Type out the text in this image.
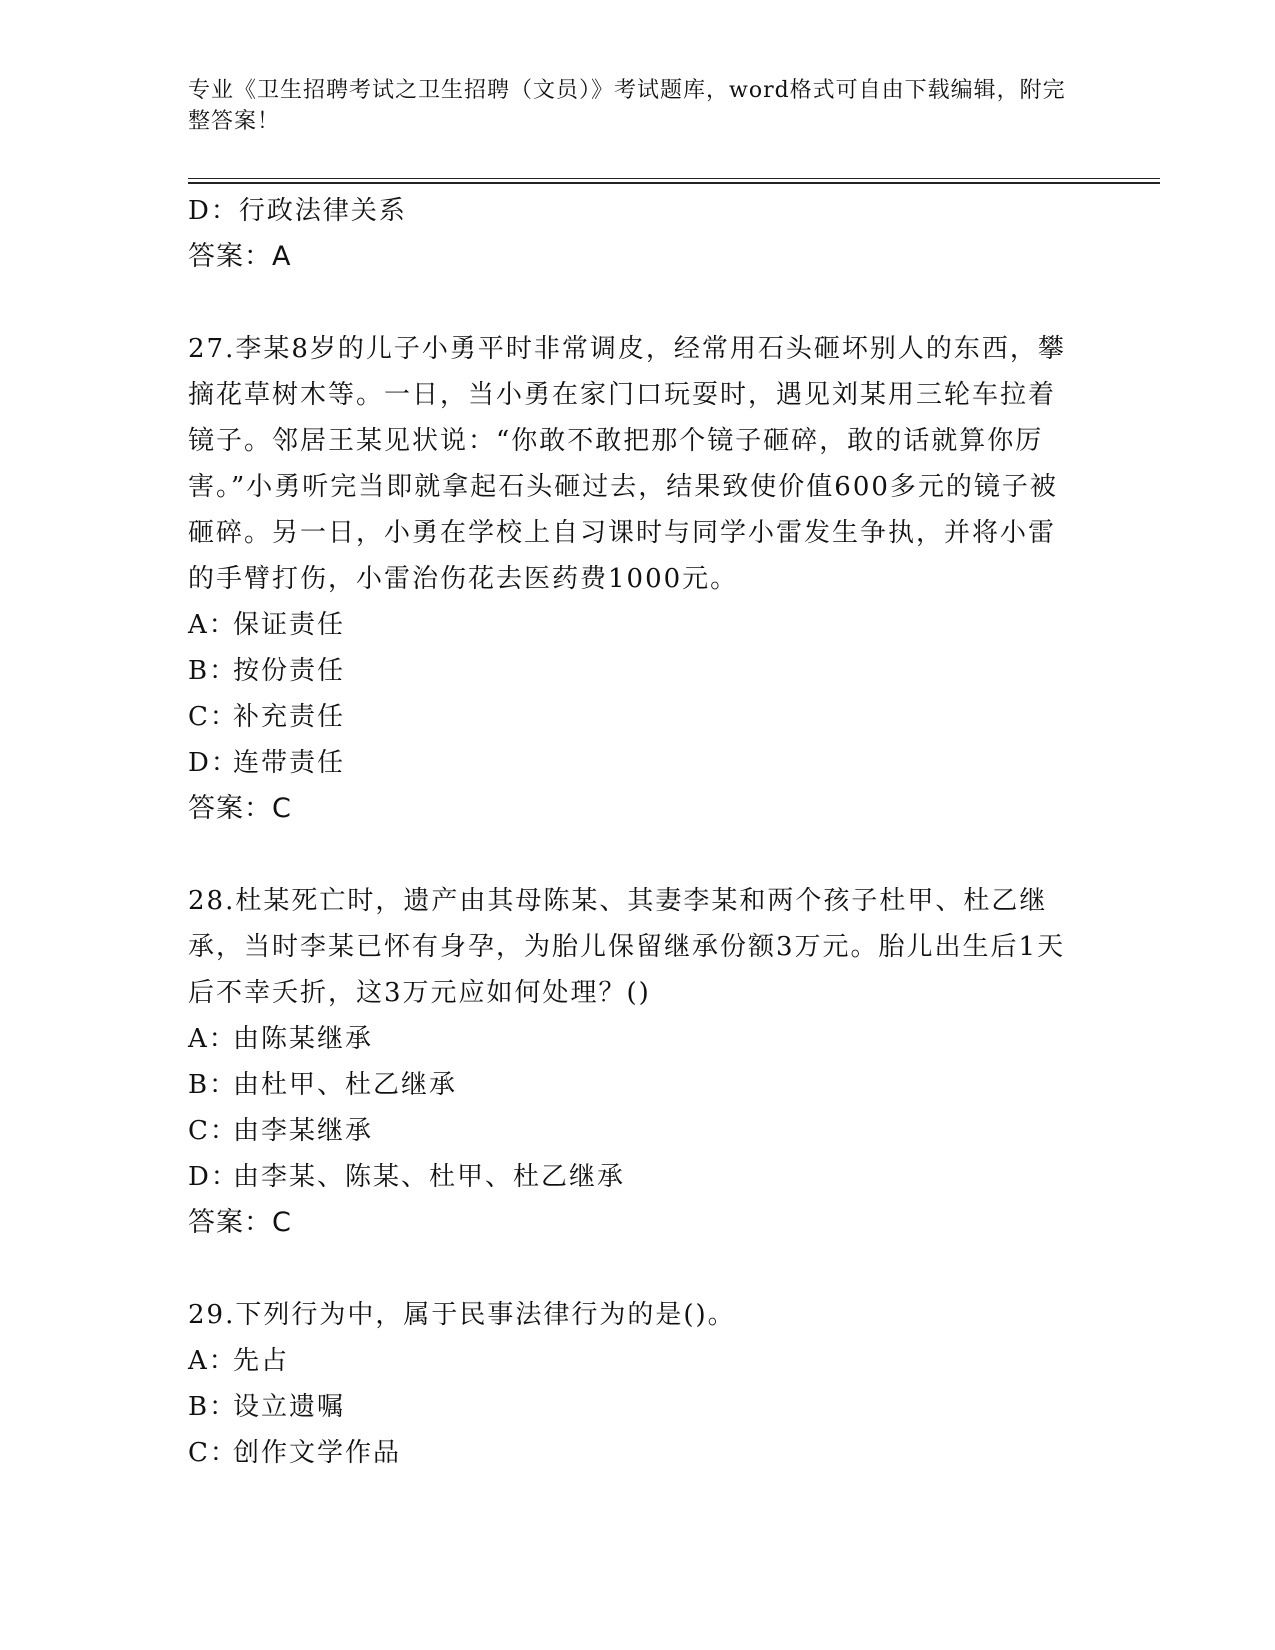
专业《卫生招聘考试之卫生招聘（文员）》考试题库，word格式可自由下载编辑，附完整答案！
D：行政法律关系
答案：A
27.李某8岁的儿子小勇平时非常调皮，经常用石头砸坏别人的东西，攀摘花草树木等。一日，当小勇在家门口玩耍时，遇见刘某用三轮车拉着镜子。邻居王某见状说：“你敢不敢把那个镜子砸碎，敢的话就算你厉害。”小勇听完当即就拿起石头砸过去，结果致使价值600多元的镜子被砸碎。另一日，小勇在学校上自习课时与同学小雷发生争执，并将小雷的手臂打伤，小雷治伤花去医药费1000元。
A：保证责任
B：按份责任
C：补充责任
D：连带责任
答案：C
28.杜某死亡时，遗产由其母陈某、其妻李某和两个孩子杜甲、杜乙继承，当时李某已怀有身孕，为胎儿保留继承份额3万元。胎儿出生后1天后不幸夭折，这3万元应如何处理？()
A：由陈某继承
B：由杜甲、杜乙继承
C：由李某继承
D：由李某、陈某、杜甲、杜乙继承
答案：C
29.下列行为中，属于民事法律行为的是()。
A：先占
B：设立遗嘱
C：创作文学作品
